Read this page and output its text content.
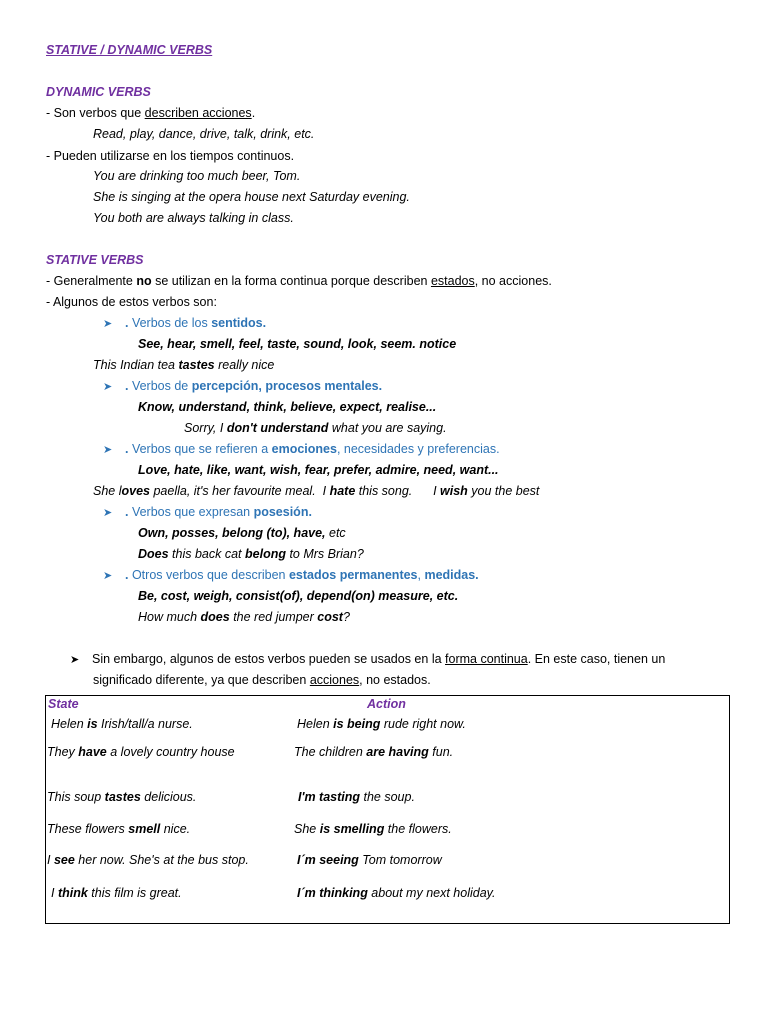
STATIVE / DYNAMIC VERBS
DYNAMIC VERBS
- Son verbos que describen acciones.
Read, play, dance, drive, talk, drink, etc.
- Pueden utilizarse en los tiempos continuos.
You are drinking too much beer, Tom.
She is singing at the opera house next Saturday evening.
You both are always talking in class.
STATIVE VERBS
- Generalmente no se utilizan en la forma continua porque describen estados, no acciones.
- Algunos de estos verbos son:
➤ . Verbos de los sentidos.
See, hear, smell, feel, taste, sound, look, seem. notice
This Indian tea tastes really nice
➤ . Verbos de percepción, procesos mentales.
Know, understand, think, believe, expect, realise...
Sorry, I don't understand what you are saying.
➤ . Verbos que se refieren a emociones, necesidades y preferencias.
Love, hate, like, want, wish, fear, prefer, admire, need, want...
She loves paella, it's her favourite meal.  I hate this song.      I wish you the best
➤ . Verbos que expresan posesión.
Own, posses, belong (to), have, etc
Does this back cat belong to Mrs Brian?
➤ . Otros verbos que describen estados permanentes, medidas.
Be, cost, weigh, consist(of), depend(on) measure, etc.
How much does the red jumper cost?
➤ Sin embargo, algunos de estos verbos pueden se usados en la forma continua. En este caso, tienen un
significado diferente, ya que describen acciones, no estados.
State	Action
Helen is Irish/tall/a nurse.	Helen is being rude right now.
They have a lovely country house	The children are having fun.
This soup tastes delicious.	I'm tasting the soup.
These flowers smell nice.	She is smelling the flowers.
I see her now. She's at the bus stop.	I´m seeing Tom tomorrow
I think this film is great.	I´m thinking about my next holiday.
